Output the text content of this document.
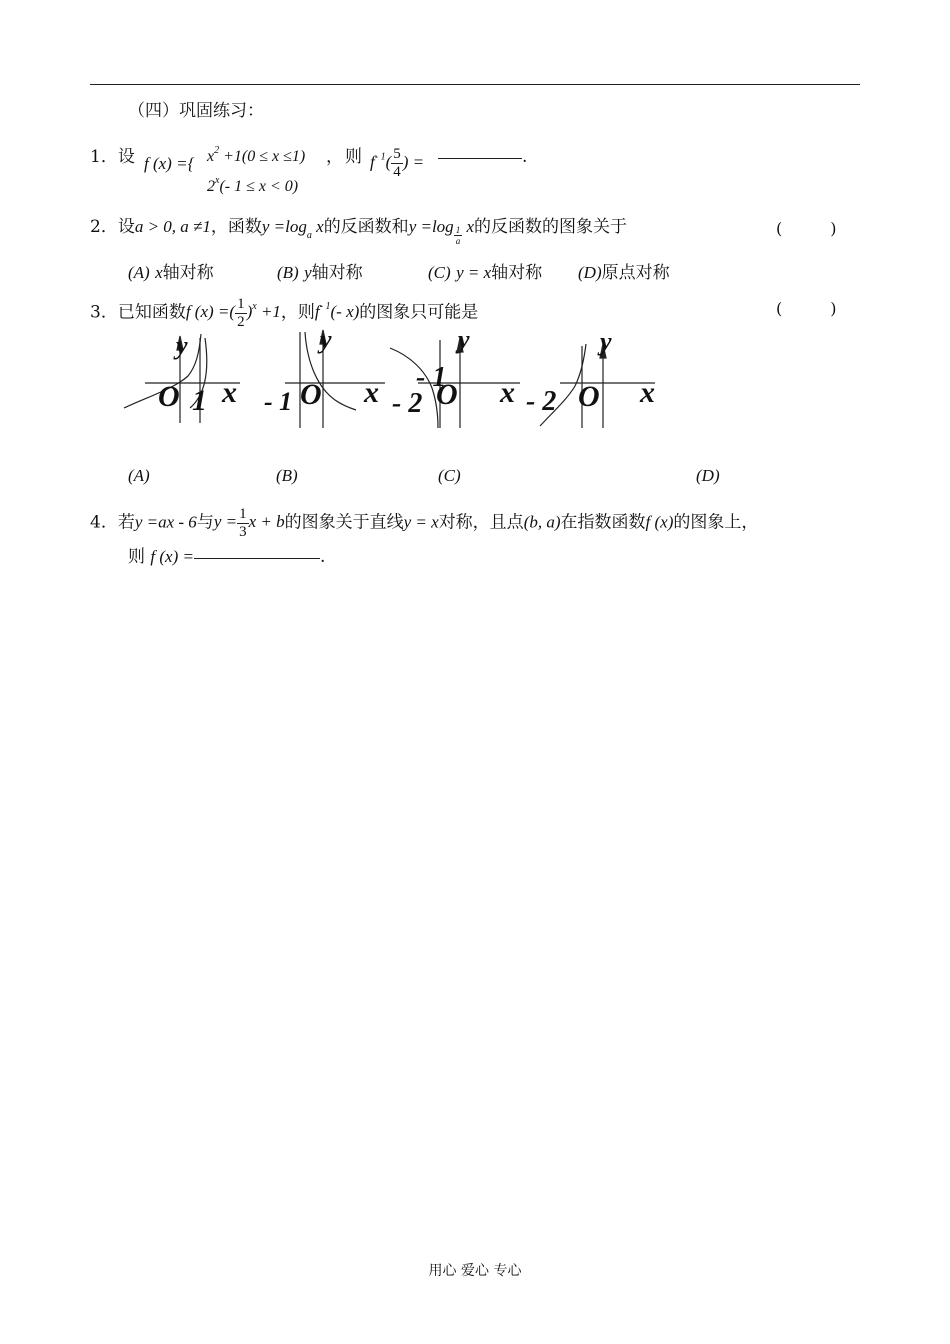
（四）巩固练习：
1．设 f (x) ={ $x^2 +1(0 \le x \le 1)$
2$^x$(- 1 ≤ x < 0)
， 则 $f^{- 1}( \frac{5}{4}$ ) =	.
2．设a > 0, a ≠1，函数$y =\log_a$ x的反函数和$y =\log \frac{1}{a}$ x的反函数的图象关于	(　　　)
(A) x轴对称	(B) y轴对称	(C) y = x轴对称 (D)原点对称
3．已知函数f (x) =( $\frac{1}{2} )^x +1$，则$f^{- 1}(-$ x)的图象只可能是	(　　　)
y
O 1 x
y
- 1 O x
y
- 1
- 2 O x
y
- 2 O x
(A)	(B)	(C)	(D)
4．若y =ax - 6与$y = \frac{1}{3}$ x + b的图象关于直线y = x对称，且点(b, a)在指数函数f (x)的图象上，
则 f (x) =	.
用心 爱心 专心
